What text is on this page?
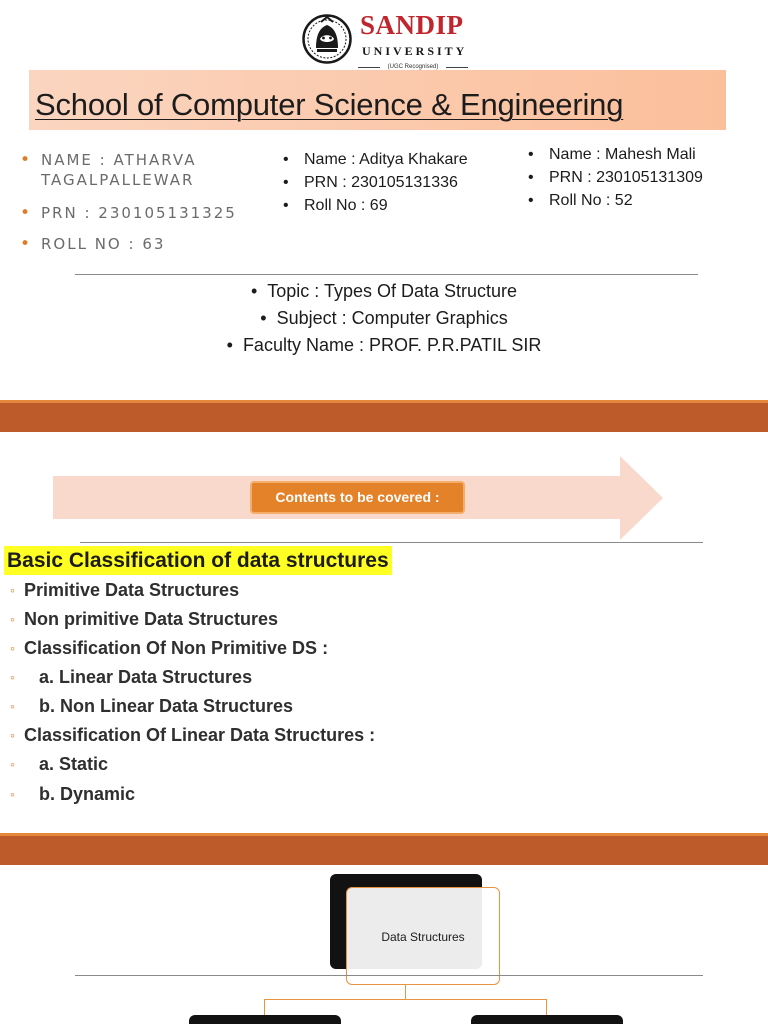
SANDIP
UNIVERSITY
(UGC Recognised)
School of Computer Science & Engineering
• NAME : ATHARVA TAGALPALLEWAR
• PRN : 230105131325
• ROLL NO : 63
• Name : Aditya Khakare
• PRN : 230105131336
• Roll No : 69
• Name : Mahesh Mali
• PRN : 230105131309
• Roll No : 52
• Topic : Types Of Data Structure
• Subject : Computer Graphics
• Faculty Name : PROF. P.R.PATIL SIR
Contents to be covered :
Basic Classification of data structures
◦ Primitive Data Structures
◦ Non primitive Data Structures
◦ Classification Of Non Primitive DS :
◦ a. Linear Data Structures
◦ b. Non Linear Data Structures
◦ Classification Of Linear Data Structures :
◦ a. Static
◦ b. Dynamic
Data Structures
